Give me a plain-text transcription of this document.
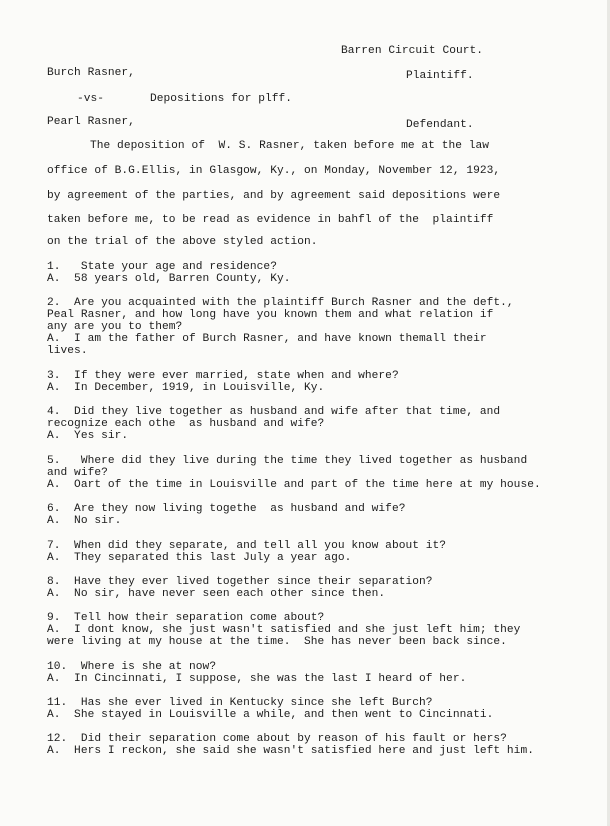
Barren Circuit Court.
Burch Rasner,	Plaintiff.
-vs-	Depositions for plff.
Pearl Rasner,	Defendant.
The deposition of  W. S. Rasner, taken before me at the law
office of B.G.Ellis, in Glasgow, Ky., on Monday, November 12, 1923,
by agreement of the parties, and by agreement said depositions were
taken before me, to be read as evidence in bahfl of the  plaintiff
on the trial of the above styled action.
1.   State your age and residence?
A.  58 years old, Barren County, Ky.
2.  Are you acquainted with the plaintiff Burch Rasner and the deft.,
Peal Rasner, and how long have you known them and what relation if
any are you to them?
A.  I am the father of Burch Rasner, and have known themall their
lives.
3.  If they were ever married, state when and where?
A.  In December, 1919, in Louisville, Ky.
4.  Did they live together as husband and wife after that time, and
recognize each othe  as husband and wife?
A.  Yes sir.
5.   Where did they live during the time they lived together as husband
and wife?
A.  Oart of the time in Louisville and part of the time here at my house.
6.  Are they now living togethe  as husband and wife?
A.  No sir.
7.  When did they separate, and tell all you know about it?
A.  They separated this last July a year ago.
8.  Have they ever lived together since their separation?
A.  No sir, have never seen each other since then.
9.  Tell how their separation come about?
A.  I dont know, she just wasn't satisfied and she just left him; they
were living at my house at the time.  She has never been back since.
10.  Where is she at now?
A.  In Cincinnati, I suppose, she was the last I heard of her.
11.  Has she ever lived in Kentucky since she left Burch?
A.  She stayed in Louisville a while, and then went to Cincinnati.
12.  Did their separation come about by reason of his fault or hers?
A.  Hers I reckon, she said she wasn't satisfied here and just left him.
